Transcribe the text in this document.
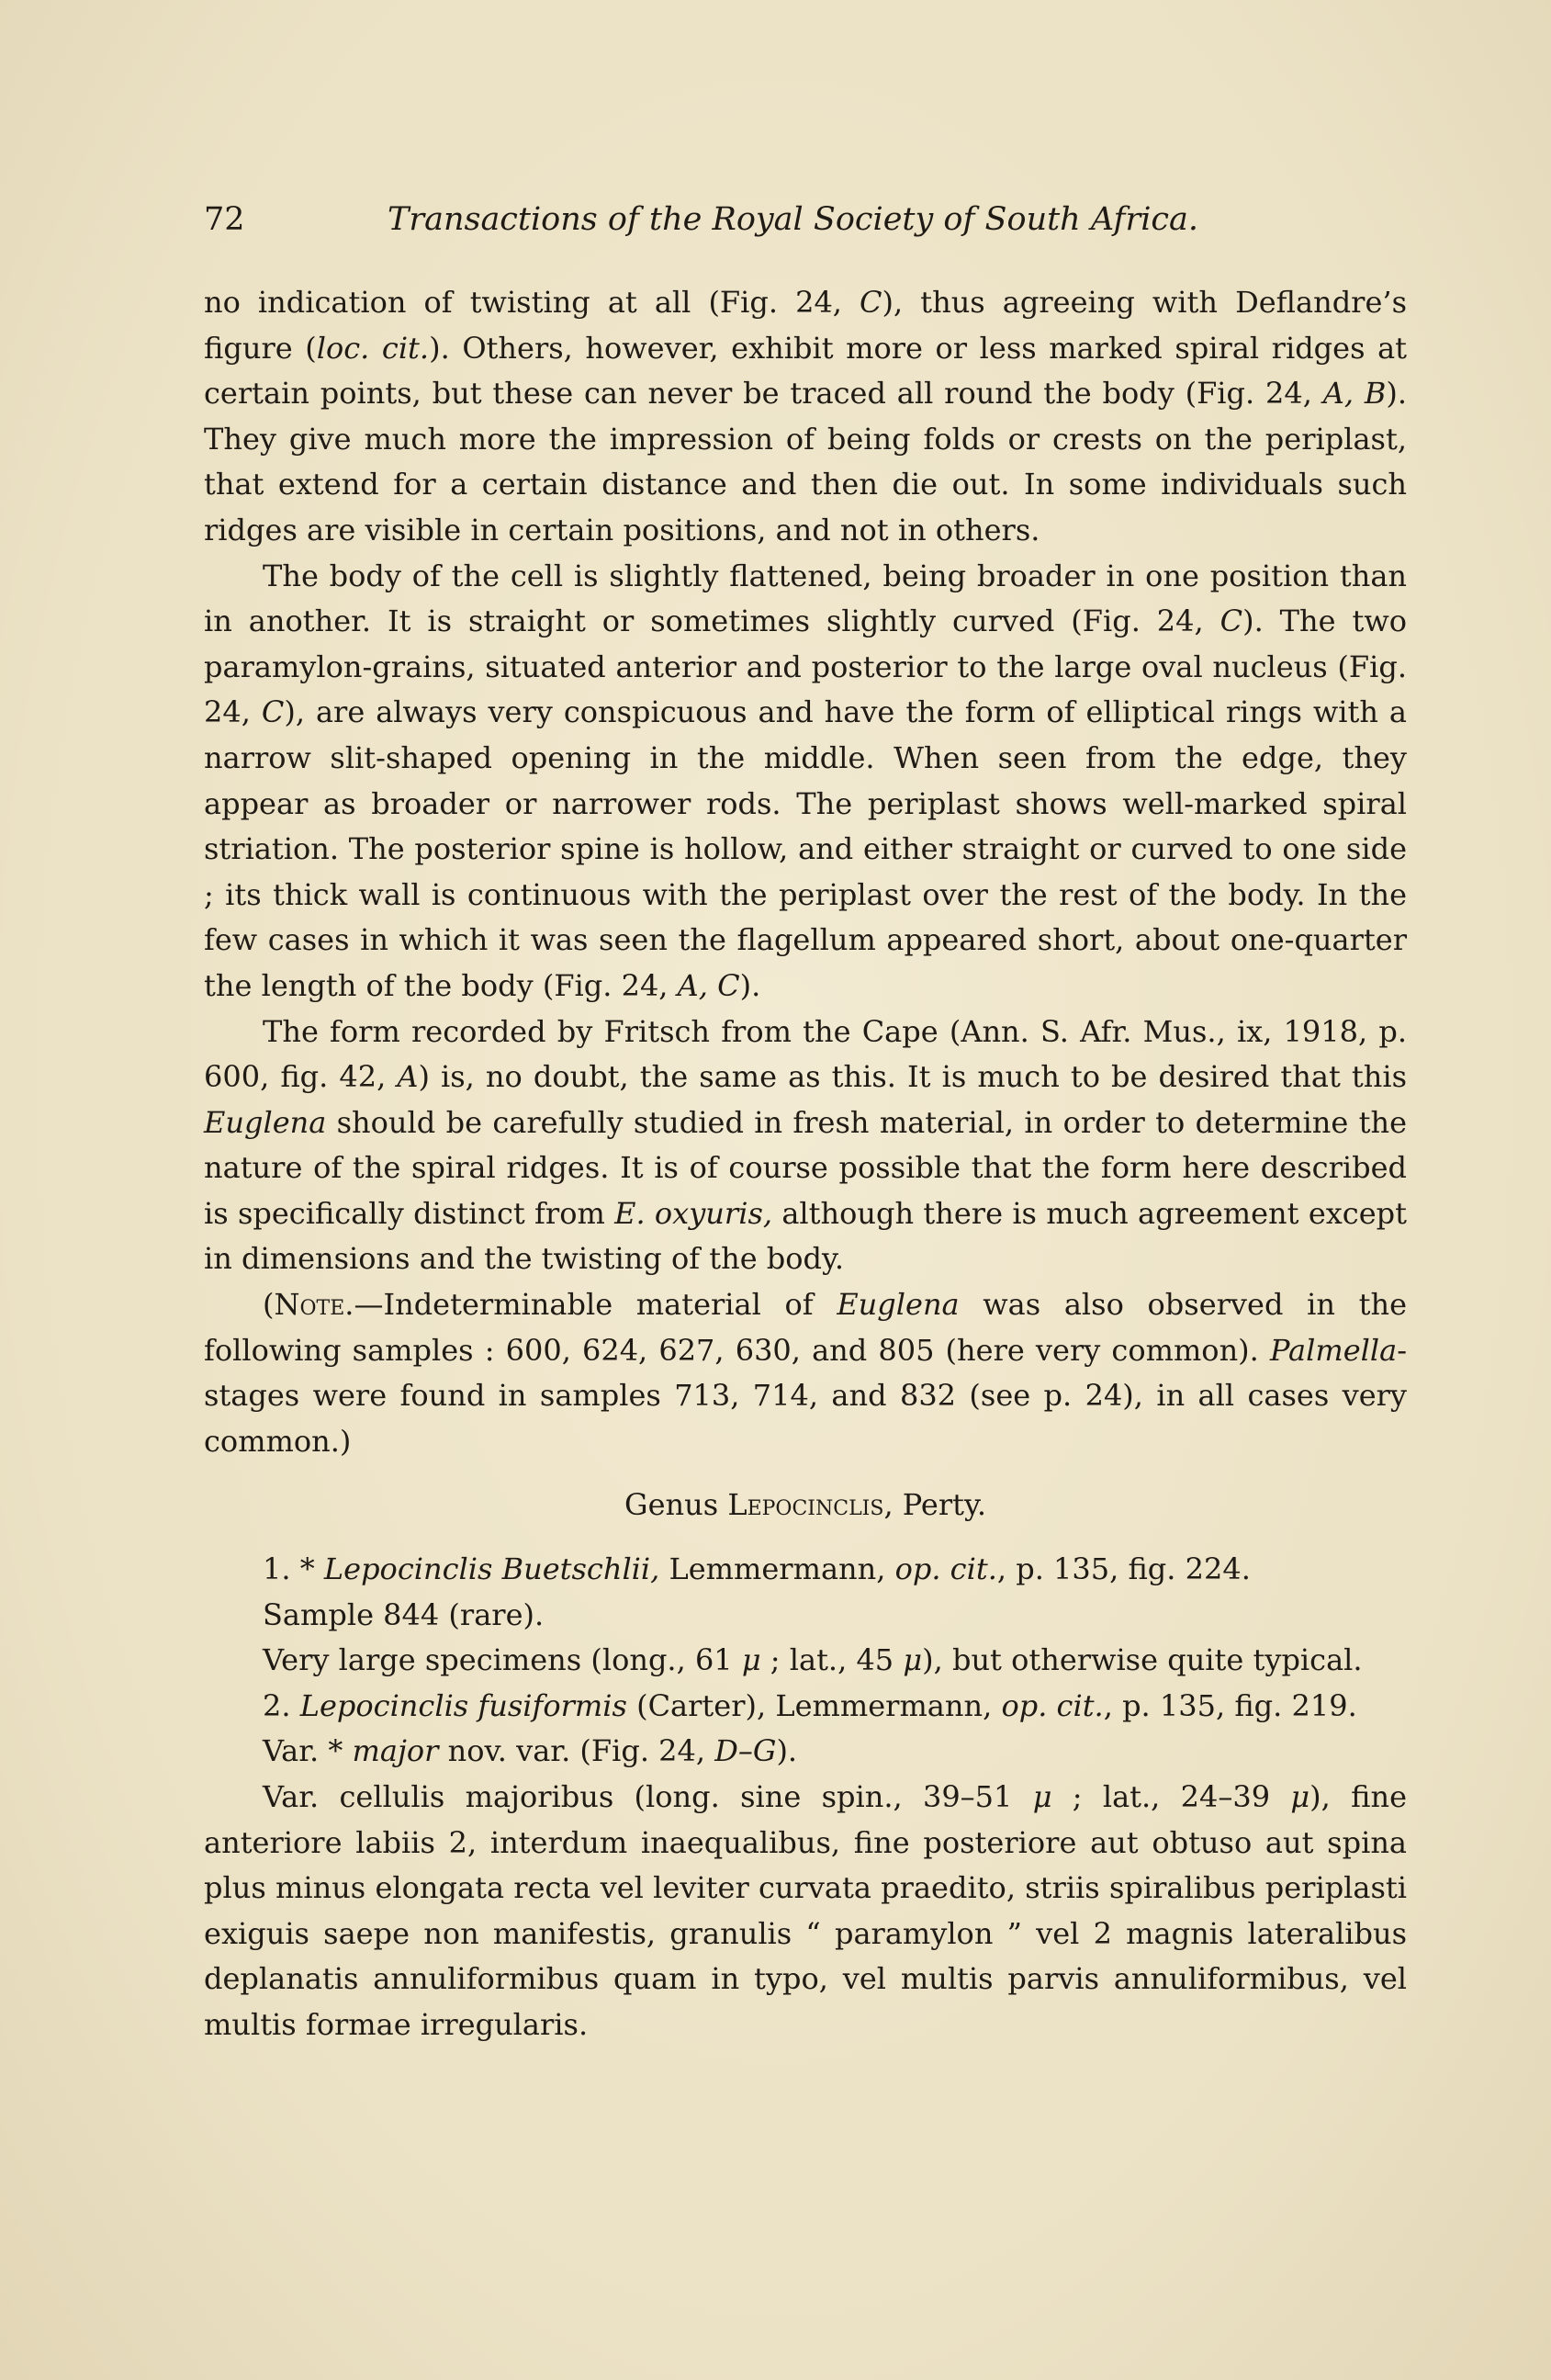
72	Transactions of the Royal Society of South Africa.

no indication of twisting at all (Fig. 24, C), thus agreeing with Deflandre’s figure (loc. cit.). Others, however, exhibit more or less marked spiral ridges at certain points, but these can never be traced all round the body (Fig. 24, A, B). They give much more the impression of being folds or crests on the periplast, that extend for a certain distance and then die out. In some individuals such ridges are visible in certain positions, and not in others.

The body of the cell is slightly flattened, being broader in one position than in another. It is straight or sometimes slightly curved (Fig. 24, C). The two paramylon-grains, situated anterior and posterior to the large oval nucleus (Fig. 24, C), are always very conspicuous and have the form of elliptical rings with a narrow slit-shaped opening in the middle. When seen from the edge, they appear as broader or narrower rods. The periplast shows well-marked spiral striation. The posterior spine is hollow, and either straight or curved to one side ; its thick wall is continuous with the periplast over the rest of the body. In the few cases in which it was seen the flagellum appeared short, about one-quarter the length of the body (Fig. 24, A, C).

The form recorded by Fritsch from the Cape (Ann. S. Afr. Mus., ix, 1918, p. 600, fig. 42, A) is, no doubt, the same as this. It is much to be desired that this Euglena should be carefully studied in fresh material, in order to determine the nature of the spiral ridges. It is of course possible that the form here described is specifically distinct from E. oxyuris, although there is much agreement except in dimensions and the twisting of the body.

(Note.—Indeterminable material of Euglena was also observed in the following samples : 600, 624, 627, 630, and 805 (here very common). Palmella-stages were found in samples 713, 714, and 832 (see p. 24), in all cases very common.)

Genus Lepocinclis, Perty.

1. * Lepocinclis Buetschlii, Lemmermann, op. cit., p. 135, fig. 224.

Sample 844 (rare).

Very large specimens (long., 61 μ ; lat., 45 μ), but otherwise quite typical.

2. Lepocinclis fusiformis (Carter), Lemmermann, op. cit., p. 135, fig. 219.

Var. * major nov. var. (Fig. 24, D–G).

Var. cellulis majoribus (long. sine spin., 39–51 μ ; lat., 24–39 μ), fine anteriore labiis 2, interdum inaequalibus, fine posteriore aut obtuso aut spina plus minus elongata recta vel leviter curvata praedito, striis spiralibus periplasti exiguis saepe non manifestis, granulis “ paramylon ” vel 2 magnis lateralibus deplanatis annuliformibus quam in typo, vel multis parvis annuliformibus, vel multis formae irregularis.
